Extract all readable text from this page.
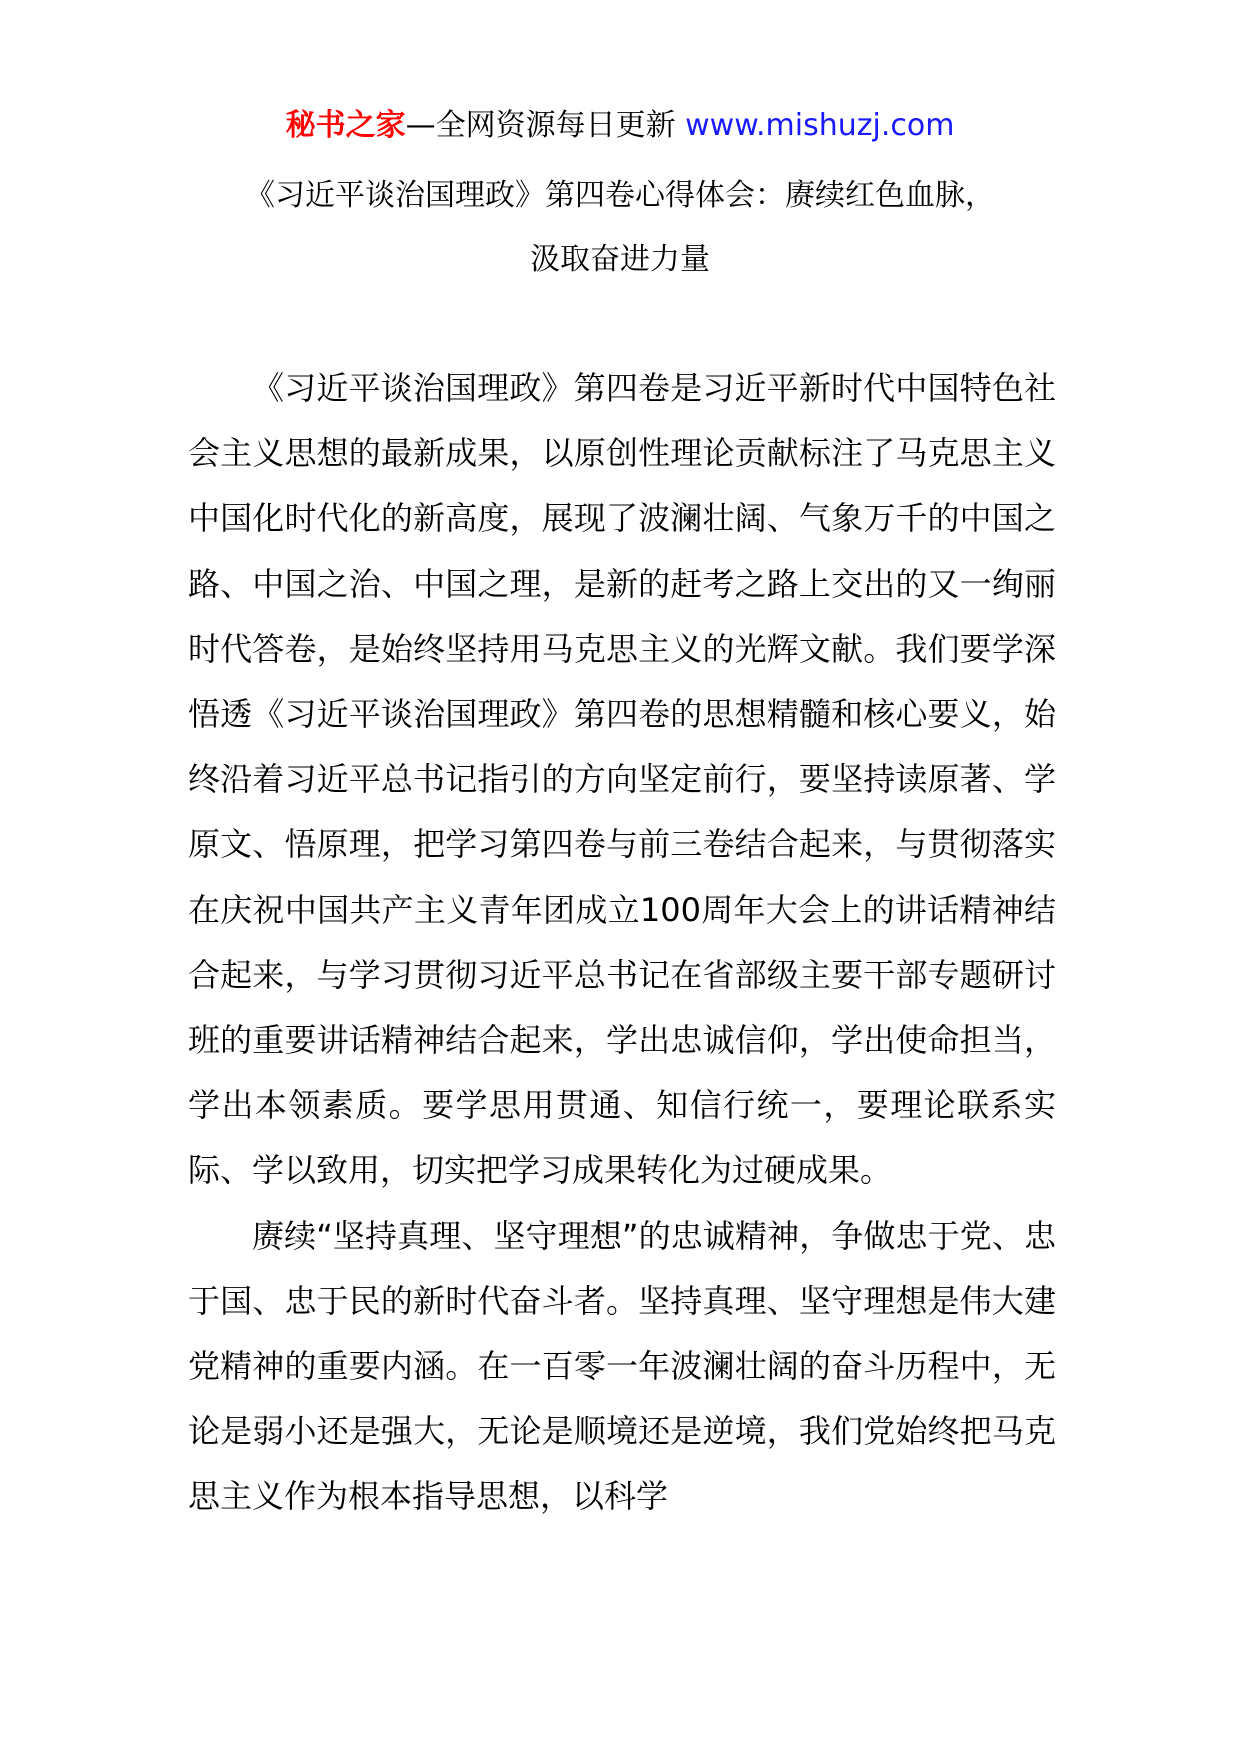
秘书之家—全网资源每日更新 www.mishuzj.com
《习近平谈治国理政》第四卷心得体会：赓续红色血脉，
汲取奋进力量

《习近平谈治国理政》第四卷是习近平新时代中国特色社会主义思想的最新成果，以原创性理论贡献标注了马克思主义中国化时代化的新高度，展现了波澜壮阔、气象万千的中国之路、中国之治、中国之理，是新的赶考之路上交出的又一绚丽时代答卷，是始终坚持用马克思主义的光辉文献。我们要学深悟透《习近平谈治国理政》第四卷的思想精髓和核心要义，始终沿着习近平总书记指引的方向坚定前行，要坚持读原著、学原文、悟原理，把学习第四卷与前三卷结合起来，与贯彻落实在庆祝中国共产主义青年团成立100周年大会上的讲话精神结合起来，与学习贯彻习近平总书记在省部级主要干部专题研讨班的重要讲话精神结合起来，学出忠诚信仰，学出使命担当，学出本领素质。要学思用贯通、知信行统一，要理论联系实际、学以致用，切实把学习成果转化为过硬成果。

赓续“坚持真理、坚守理想”的忠诚精神，争做忠于党、忠于国、忠于民的新时代奋斗者。坚持真理、坚守理想是伟大建党精神的重要内涵。在一百零一年波澜壮阔的奋斗历程中，无论是弱小还是强大，无论是顺境还是逆境，我们党始终把马克思主义作为根本指导思想，以科学
